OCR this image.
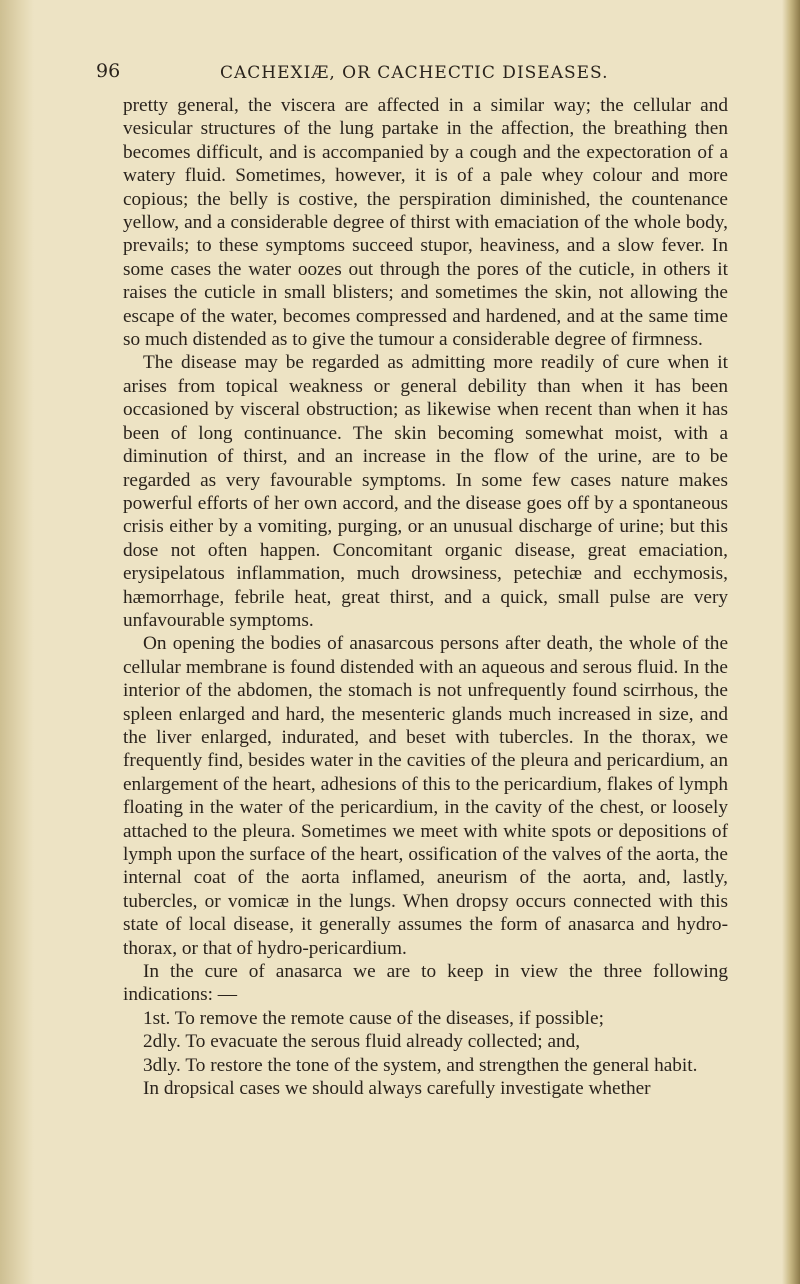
96	CACHEXIÆ, OR CACHECTIC DISEASES.

pretty general, the viscera are affected in a similar way; the cellular and vesicular structures of the lung partake in the affection, the breathing then becomes difficult, and is accompanied by a cough and the expectoration of a watery fluid. Sometimes, however, it is of a pale whey colour and more copious; the belly is costive, the perspiration diminished, the countenance yellow, and a considerable degree of thirst with emaciation of the whole body, prevails; to these symptoms succeed stupor, heaviness, and a slow fever. In some cases the water oozes out through the pores of the cuticle, in others it raises the cuticle in small blisters; and sometimes the skin, not allowing the escape of the water, becomes compressed and hardened, and at the same time so much distended as to give the tumour a considerable degree of firmness.

The disease may be regarded as admitting more readily of cure when it arises from topical weakness or general debility than when it has been occasioned by visceral obstruction; as likewise when recent than when it has been of long continuance. The skin becoming somewhat moist, with a diminution of thirst, and an increase in the flow of the urine, are to be regarded as very favourable symptoms. In some few cases nature makes powerful efforts of her own accord, and the disease goes off by a spontaneous crisis either by a vomiting, purging, or an unusual discharge of urine; but this dose not often happen. Concomitant organic disease, great emaciation, erysipelatous inflammation, much drowsiness, petechiæ and ecchymosis, hæmorrhage, febrile heat, great thirst, and a quick, small pulse are very unfavourable symptoms.

On opening the bodies of anasarcous persons after death, the whole of the cellular membrane is found distended with an aqueous and serous fluid. In the interior of the abdomen, the stomach is not unfrequently found scirrhous, the spleen enlarged and hard, the mesenteric glands much increased in size, and the liver enlarged, indurated, and beset with tubercles. In the thorax, we frequently find, besides water in the cavities of the pleura and pericardium, an enlargement of the heart, adhesions of this to the pericardium, flakes of lymph floating in the water of the pericardium, in the cavity of the chest, or loosely attached to the pleura. Sometimes we meet with white spots or depositions of lymph upon the surface of the heart, ossification of the valves of the aorta, the internal coat of the aorta inflamed, aneurism of the aorta, and, lastly, tubercles, or vomicæ in the lungs. When dropsy occurs connected with this state of local disease, it generally assumes the form of anasarca and hydro-thorax, or that of hydro-pericardium.

In the cure of anasarca we are to keep in view the three following indications: —

1st. To remove the remote cause of the diseases, if possible;

2dly. To evacuate the serous fluid already collected; and,

3dly. To restore the tone of the system, and strengthen the general habit.

In dropsical cases we should always carefully investigate whether
